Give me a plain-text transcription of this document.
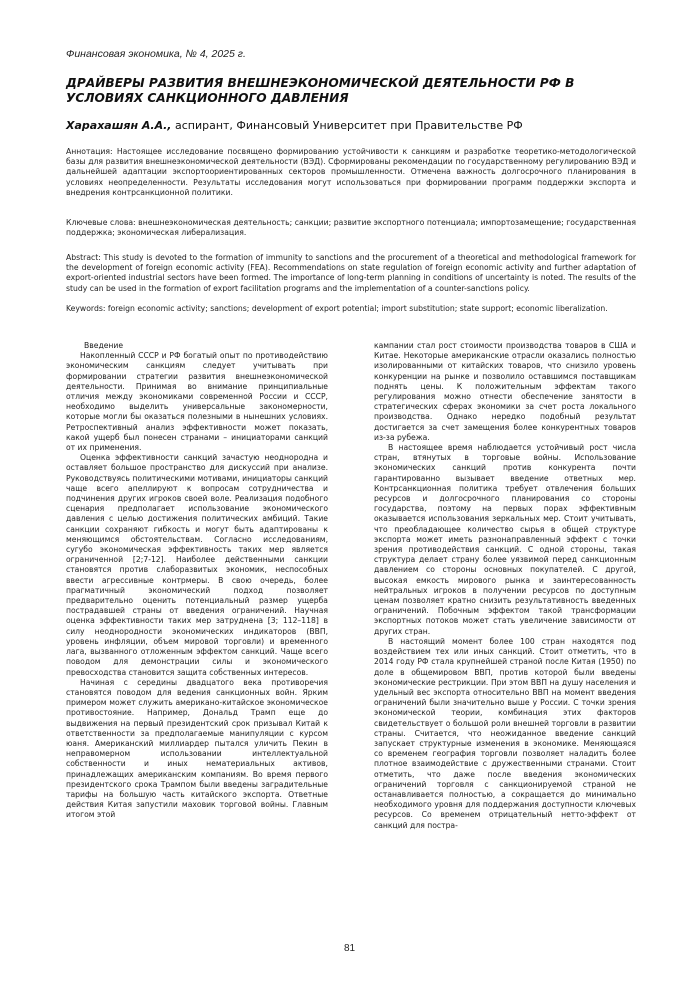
Финансовая экономика, № 4, 2025 г.
ДРАЙВЕРЫ РАЗВИТИЯ ВНЕШНЕЭКОНОМИЧЕСКОЙ ДЕЯТЕЛЬНОСТИ РФ В УСЛОВИЯХ САНКЦИОННОГО ДАВЛЕНИЯ
Харахашян А.А., аспирант, Финансовый Университет при Правительстве РФ

Аннотация: Настоящее исследование посвящено формированию устойчивости к санкциям и разработке теоретико-методологической базы для развития внешнеэкономической деятельности (ВЭД). Сформированы рекомендации по государственному регулированию ВЭД и дальнейшей адаптации экспортоориентированных секторов промышленности. Отмечена важность долгосрочного планирования в условиях неопределенности. Результаты исследования могут использоваться при формировании программ поддержки экспорта и внедрения контрсанкционной политики.

Ключевые слова: внешнеэкономическая деятельность; санкции; развитие экспортного потенциала; импортозамещение; государственная поддержка; экономическая либерализация.

Abstract: This study is devoted to the formation of immunity to sanctions and the procurement of a theoretical and methodological framework for the development of foreign economic activity (FEA). Recommendations on state regulation of foreign economic activity and further adaptation of export-oriented industrial sectors have been formed. The importance of long-term planning in conditions of uncertainty is noted. The results of the study can be used in the formation of export facilitation programs and the implementation of a counter-sanctions policy.

Keywords: foreign economic activity; sanctions; development of export potential; import substitution; state support; economic liberalization.

Введение

Накопленный СССР и РФ богатый опыт по противодействию экономическим санкциям следует учитывать при формировании стратегии развития внешнеэкономической деятельности. Принимая во внимание принципиальные отличия между экономиками современной России и СССР, необходимо выделить универсальные закономерности, которые могли бы оказаться полезными в нынешних условиях. Ретроспективный анализ эффективности может показать, какой ущерб был понесен странами – инициаторами санкций от их применения.

Оценка эффективности санкций зачастую неоднородна и оставляет большое пространство для дискуссий при анализе. Руководствуясь политическими мотивами, инициаторы санкций чаще всего апеллируют к вопросам сотрудничества и подчинения других игроков своей воле. Реализация подобного сценария предполагает использование экономического давления с целью достижения политических амбиций. Такие санкции сохраняют гибкость и могут быть адаптированы к меняющимся обстоятельствам. Согласно исследованиям, сугубо экономическая эффективность таких мер является ограниченной [2;7-12]. Наиболее действенными санкции становятся против слаборазвитых экономик, неспособных ввести агрессивные контрмеры. В свою очередь, более прагматичный экономический подход позволяет предварительно оценить потенциальный размер ущерба пострадавшей страны от введения ограничений. Научная оценка эффективности таких мер затруднена [3; 112–118] в силу неоднородности экономических индикаторов (ВВП, уровень инфляции, объем мировой торговли) и временного лага, вызванного отложенным эффектом санкций. Чаще всего поводом для демонстрации силы и экономического превосходства становится защита собственных интересов.

Начиная с середины двадцатого века противоречия становятся поводом для ведения санкционных войн. Ярким примером может служить американо-китайское экономическое противостояние. Например, Дональд Трамп еще до выдвижения на первый президентский срок призывал Китай к ответственности за предполагаемые манипуляции с курсом юаня. Американский миллиардер пытался уличить Пекин в неправомерном использовании интеллектуальной собственности и иных нематериальных активов, принадлежащих американским компаниям. Во время первого президентского срока Трампом были введены заградительные тарифы на большую часть китайского экспорта. Ответные действия Китая запустили маховик торговой войны. Главным итогом этой

кампании стал рост стоимости производства товаров в США и Китае. Некоторые американские отрасли оказались полностью изолированными от китайских товаров, что снизило уровень конкуренции на рынке и позволило оставшимся поставщикам поднять цены. К положительным эффектам такого регулирования можно отнести обеспечение занятости в стратегических сферах экономики за счет роста локального производства. Однако нередко подобный результат достигается за счет замещения более конкурентных товаров из-за рубежа.

В настоящее время наблюдается устойчивый рост числа стран, втянутых в торговые войны. Использование экономических санкций против конкурента почти гарантированно вызывает введение ответных мер. Контрсанкционная политика требует отвлечения больших ресурсов и долгосрочного планирования со стороны государства, поэтому на первых порах эффективным оказывается использования зеркальных мер. Стоит учитывать, что преобладающее количество сырья в общей структуре экспорта может иметь разнонаправленный эффект с точки зрения противодействия санкций. С одной стороны, такая структура делает страну более уязвимой перед санкционным давлением со стороны основных покупателей. С другой, высокая емкость мирового рынка и заинтересованность нейтральных игроков в получении ресурсов по доступным ценам позволяет кратно снизить результативность введенных ограничений. Побочным эффектом такой трансформации экспортных потоков может стать увеличение зависимости от других стран.

В настоящий момент более 100 стран находятся под воздействием тех или иных санкций. Стоит отметить, что в 2014 году РФ стала крупнейшей страной после Китая (1950) по доле в общемировом ВВП, против которой были введены экономические рестрикции. При этом ВВП на душу населения и удельный вес экспорта относительно ВВП на момент введения ограничений были значительно выше у России. С точки зрения экономической теории, комбинация этих факторов свидетельствует о большой роли внешней торговли в развитии страны. Считается, что неожиданное введение санкций запускает структурные изменения в экономике. Меняющаяся со временем география торговли позволяет наладить более плотное взаимодействие с дружественными странами. Стоит отметить, что даже после введения экономических ограничений торговля с санкционируемой страной не останавливается полностью, а сокращается до минимально необходимого уровня для поддержания доступности ключевых ресурсов. Со временем отрицательный нетто-эффект от санкций для постра-

81
